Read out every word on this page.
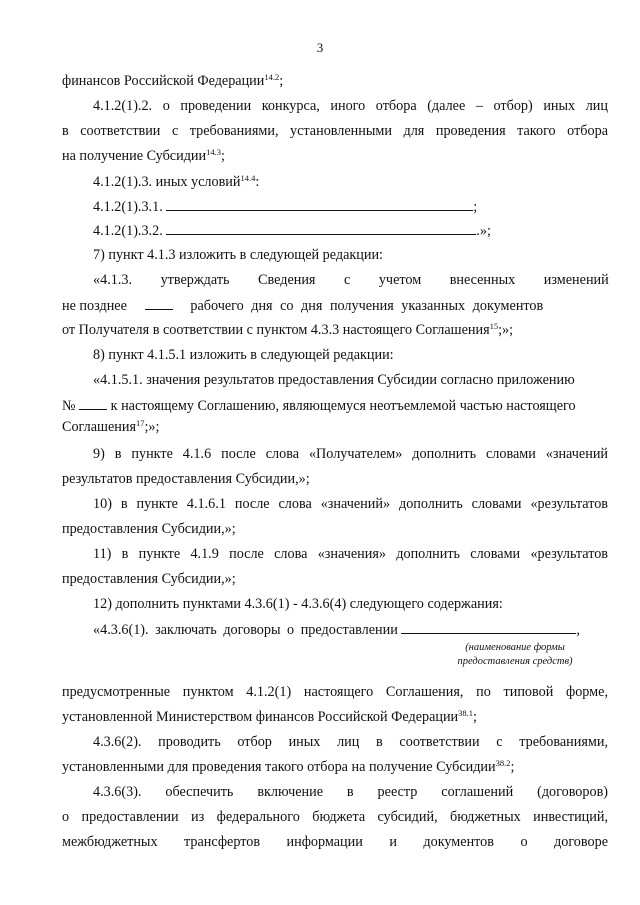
3
финансов Российской Федерации$^{14.2}$;
4.1.2(1).2. о проведении конкурса, иного отбора (далее – отбор) иных лиц
в соответствии с требованиями, установленными для проведения такого отбора
на получение Субсидии$^{14.3}$;
4.1.2(1).3. иных условий$^{14.4}$:
4.1.2(1).3.1.	;
4.1.2(1).3.2.	.»;
7) пункт 4.1.3 изложить в следующей редакции:
«4.1.3. утверждать Сведения с учетом внесенных изменений
не позднее	рабочего дня со дня получения указанных документов
от Получателя в соответствии с пунктом 4.3.3 настоящего Соглашения$^{15}$;»;
8) пункт 4.1.5.1 изложить в следующей редакции:
«4.1.5.1. значения результатов предоставления Субсидии согласно приложению
№ к настоящему Соглашению, являющемуся неотъемлемой частью настоящего
Соглашения$^{17}$;»;
9) в пункте 4.1.6 после слова «Получателем» дополнить словами «значений
результатов предоставления Субсидии,»;
10) в пункте 4.1.6.1 после слова «значений» дополнить словами «результатов
предоставления Субсидии,»;
11) в пункте 4.1.9 после слова «значения» дополнить словами «результатов
предоставления Субсидии,»;
12) дополнить пунктами 4.3.6(1) - 4.3.6(4) следующего содержания:
«4.3.6(1). заключать договоры о предоставлении	,
(наименование формы
предоставления средств)
предусмотренные пунктом 4.1.2(1) настоящего Соглашения, по типовой форме,
установленной Министерством финансов Российской Федерации$^{38.1}$;
4.3.6(2). проводить отбор иных лиц в соответствии с требованиями,
установленными для проведения такого отбора на получение Субсидии$^{38.2}$;
4.3.6(3). обеспечить включение в реестр соглашений (договоров)
о предоставлении из федерального бюджета субсидий, бюджетных инвестиций,
межбюджетных трансфертов информации и документов о договоре
